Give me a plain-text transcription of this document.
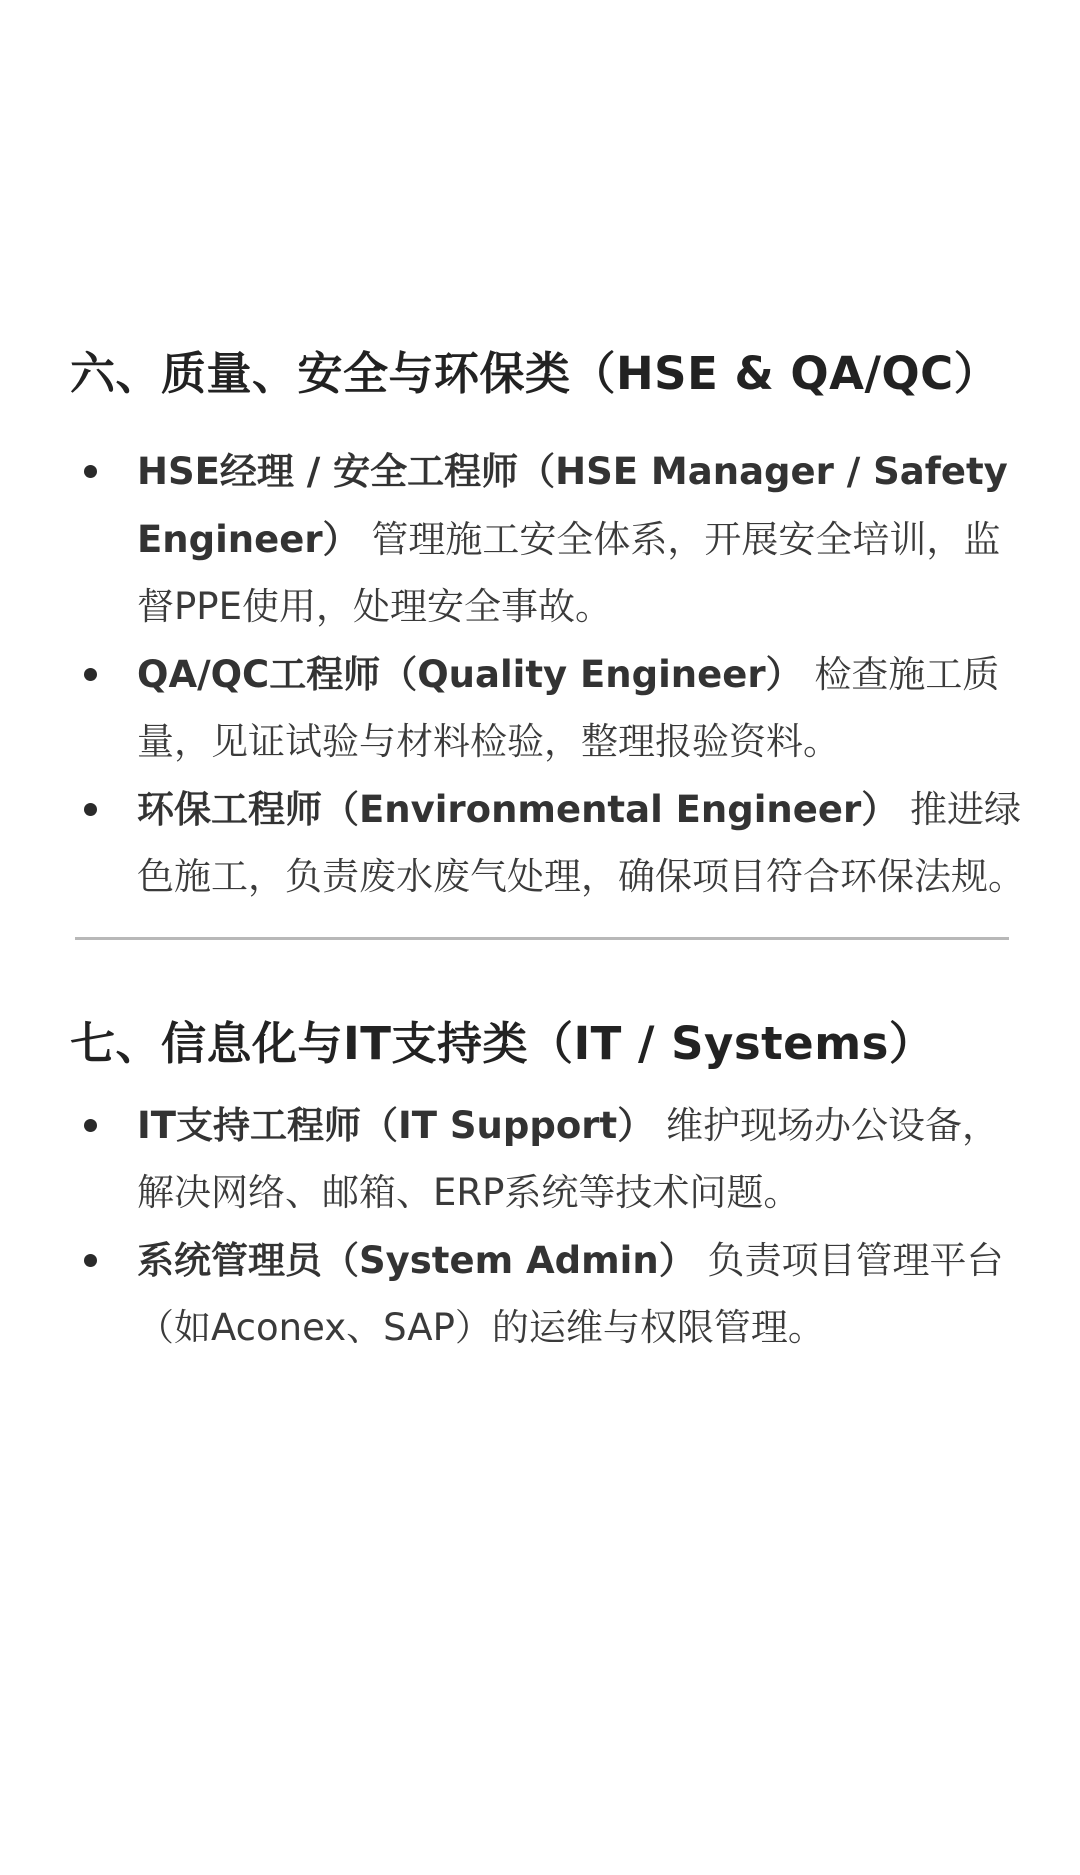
六、质量、安全与环保类（HSE & QA/QC）
HSE经理 / 安全工程师（HSE Manager / Safety Engineer） 管理施工安全体系，开展安全培训，监督PPE使用，处理安全事故。
QA/QC工程师（Quality Engineer） 检查施工质量，见证试验与材料检验，整理报验资料。
环保工程师（Environmental Engineer） 推进绿色施工，负责废水废气处理，确保项目符合环保法规。
七、信息化与IT支持类（IT / Systems）
IT支持工程师（IT Support） 维护现场办公设备，解决网络、邮箱、ERP系统等技术问题。
系统管理员（System Admin） 负责项目管理平台（如Aconex、SAP）的运维与权限管理。
